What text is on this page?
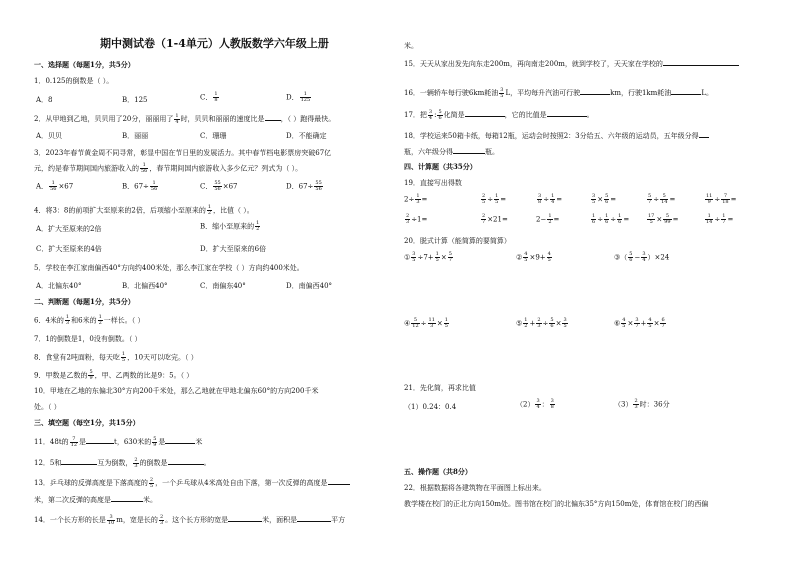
期中测试卷（1-4单元）人教版数学六年级上册
一、选择题（每题1分，共5分）
1．0.125的倒数是（ ）。
A．8	B．125	C． $\frac{1}{8}$	D． $\frac{1}{125}$
2．从甲地到乙地，贝贝用了20分，丽丽用了 $\frac{1}{4}$ 时，贝贝和丽丽的速度比是 ，（ ）跑得最快。
A．贝贝	B．丽丽	C．珊珊	D．不能确定
3．2023年春节黄金周不同寻常，彰显中国在节日里的发展活力。其中春节档电影票房突破67亿
元，约是春节期间国内旅游收入的 $\frac{1}{56}$ ，春节期间国内旅游收入多少亿元？列式为（ ）。
A． $\frac{1}{56} \times 67$	B．$67\div \frac{1}{56}$	C． $\frac{55}{56} \times 67$	D．$67\div \frac{55}{56}$
4．将3：8的前项扩大至原来的2倍，后项缩小至原来的 $\frac{1}{2}$ ，比值（ ）。
A．扩大至原来的2倍	B．缩小至原来的 $\frac{1}{2}$
C．扩大至原来的4倍	D．扩大至原来的6倍
5．学校在李江家南偏西40°方向约400米处，那么李江家在学校（ ）方向约400米处。
A．北偏东40°	B．北偏西40°	C．南偏东40°	D．南偏西40°
二、判断题（每题1分，共5分）
6．4米的 $\frac{1}{3}$ 和6米的 $\frac{1}{2}$ 一样长。（ ）
7．1的倒数是1，0没有倒数。（ ）
8．食堂有2吨面粉，每天吃 $\frac{1}{5}$ ，10天可以吃完。（ ）
9．甲数是乙数的 $\frac{5}{9}$ ，甲、乙两数的比是9：5。（ ）
10．甲地在乙地的东偏北30°方向200千米处，那么乙地就在甲地北偏东60°的方向200千米
处。（ ）
三、填空题（每空1分，共15分）
11．48t的 $\frac{7}{12}$ 是	t，630米的 $\frac{5}{9}$ 是	米
12．5和	互为倒数， $\frac{2}{3}$ 的倒数是	。
13．乒乓球的反弹高度是下落高度的 $\frac{2}{5}$ ，一个乒乓球从4米高处自由下落，第一次反弹的高度是
米，第二次反弹的高度是	米。
14．一个长方形的长是 $\frac{3}{10}$ m，宽是长的 $\frac{2}{3}$ 。这个长方形的宽是	米，面积是	平方
米。
15．天天从家出发先向东走200m，再向南走200m，就到学校了，天天家在学校的
16．一辆轿车每行驶6km耗油 $\frac{3}{5}$ L，平均每升汽油可行驶	km，行驶1km耗油	L。
17．把 $\frac{3}{4}$ : $\frac{5}{6}$ 化简是	，它的比值是	。
18．学校运来50箱卡纸，每箱12瓶，运动会时按照2：3分给五、六年级的运动员，五年级分得
瓶，六年级分得	瓶。
四、计算题（共35分）
19．直接写出得数
$2\div \frac{1}{3}$ =	$\frac{2}{5} \div \frac{1}{5}$ =	$\frac{3}{8} \div \frac{1}{4}$ =	$\frac{3}{5} \times \frac{5}{6}$ =	$\frac{5}{7} \div \frac{5}{14}$ =	$\frac{11}{9} \div \frac{7}{18}$ =
$\frac{2}{3} \div 1=$	$\frac{2}{7} \times 21=$	$2- \frac{1}{2}$ =	$\frac{1}{6} \div \frac{1}{6} \div \frac{1}{6}$ =	$\frac{17}{5} \times \frac{5}{99}$ =	$\frac{1}{14} \div \frac{1}{7}$ =
20．脱式计算（能简算的要简算）
① $\frac{3}{5} \div 7+ \frac{1}{5} \times \frac{5}{7}$	② $\frac{4}{5} \times 9+ \frac{4}{5}$	③（ $\frac{5}{6} - \frac{3}{4} )\times 24$
④ $\frac{5}{12} \div \frac{11}{3} \times \frac{1}{5}$	⑤ $\frac{1}{2} + \frac{2}{3} \div \frac{5}{6} \times \frac{3}{5}$	⑥ $\frac{4}{5} \times \frac{3}{7} + \frac{4}{5} \times \frac{6}{7}$
21．先化简，再求比值
（1）0.24：0.4	$(2) \frac{3}{4}$ ： $\frac{3}{8}$	$(3) \frac{2}{3}$ 时：36分
五、操作题（共8分）
22．根据数据将各建筑物在平面图上标出来。
教学楼在校门的正北方向150m处。图书馆在校门的北偏东35°方向150m处，体育馆在校门的西偏
